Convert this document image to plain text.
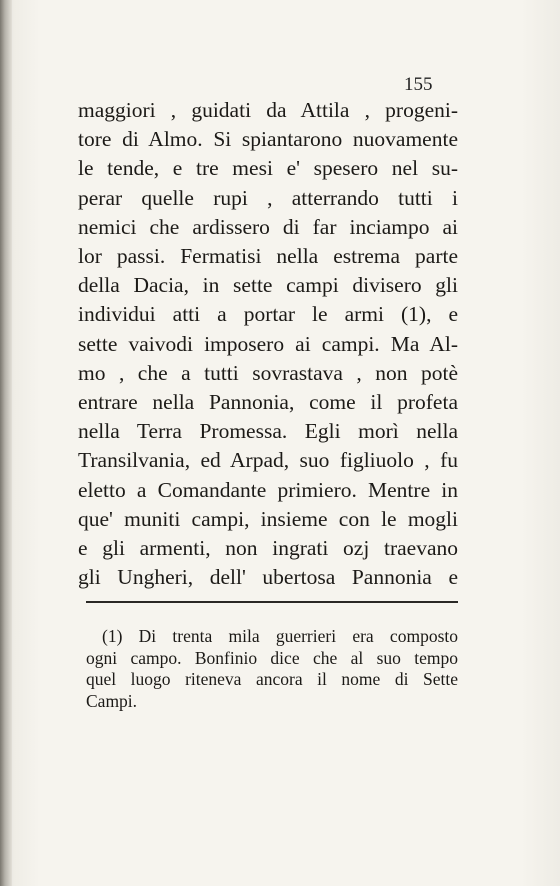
155
maggiori , guidati da Attila , progeni-
tore di Almo. Si spiantarono nuovamente
le tende, e tre mesi e' spesero nel su-
perar quelle rupi , atterrando tutti i
nemici che ardissero di far inciampo ai
lor passi. Fermatisi nella estrema parte
della Dacia, in sette campi divisero gli
individui atti a portar le armi (1), e
sette vaivodi imposero ai campi. Ma Al-
mo , che a tutti sovrastava , non potè
entrare nella Pannonia, come il profeta
nella Terra Promessa. Egli morì nella
Transilvania, ed Arpad, suo figliuolo , fu
eletto a Comandante primiero. Mentre in
que' muniti campi, insieme con le mogli
e gli armenti, non ingrati ozj traevano
gli Ungheri, dell' ubertosa Pannonia e
(1) Di trenta mila guerrieri era composto
ogni campo. Bonfinio dice che al suo tempo
quel luogo riteneva ancora il nome di Sette
Campi.
